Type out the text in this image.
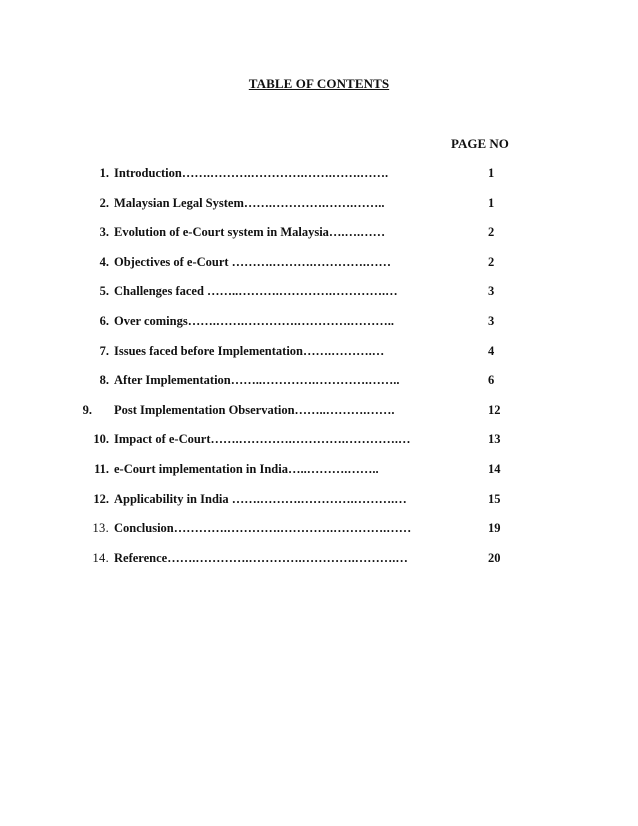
TABLE OF CONTENTS
PAGE NO
1. Introduction…….……….………….…….…….…….	1
2. Malaysian Legal System…….………….…….……..	1
3. Evolution of e-Court system in Malaysia….….……	2
4. Objectives of e-Court ……….……….………….……	2
5. Challenges faced ……..……….………….………….…	3
6. Over comings…….…….………….………….………..	3
7. Issues faced before Implementation…….……….…	4
8. After Implementation……..………….………….……..	6
9. Post Implementation Observation……..……….…….	12
10. Impact of e-Court…….………….………….………….…	13
11. e-Court implementation in India…..……….……..	14
12. Applicability in India …….……….………….……….…	15
13. Conclusion………….………….………….………….……	19
14. Reference…….………….………….………….……….…	20
